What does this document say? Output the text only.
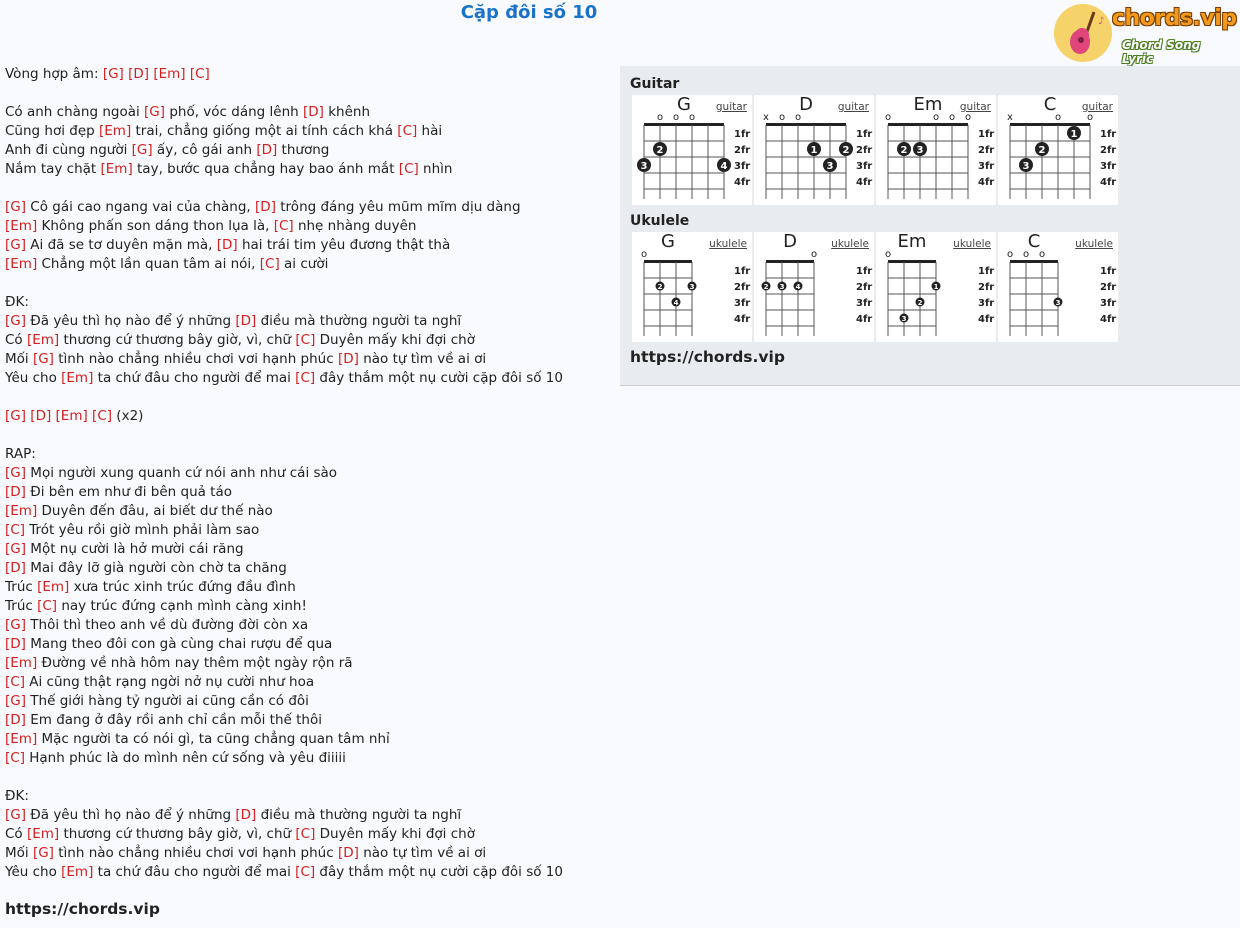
Cặp đôi số 10	♪ chords.vip
Chord Song Lyric
Vòng hợp âm: [G] [D] [Em] [C]
Có anh chàng ngoài [G] phố, vóc dáng lênh [D] khênh
Cũng hơi đẹp [Em] trai, chẳng giống một ai tính cách khá [C] hài
Anh đi cùng người [G] ấy, cô gái anh [D] thương
Nắm tay chặt [Em] tay, bước qua chẳng hay bao ánh mắt [C] nhìn
[G] Cô gái cao ngang vai của chàng, [D] trông đáng yêu mũm mĩm dịu dàng
[Em] Không phấn son dáng thon lụa là, [C] nhẹ nhàng duyên
[G] Ai đã se tơ duyên mặn mà, [D] hai trái tim yêu đương thật thà
[Em] Chẳng một lần quan tâm ai nói, [C] ai cười
ĐK:
[G] Đã yêu thì họ nào để ý những [D] điều mà thường người ta nghĩ
Có [Em] thương cứ thương bây giờ, vì, chữ [C] Duyên mấy khi đợi chờ
Mối [G] tình nào chẳng nhiều chơi vơi hạnh phúc [D] nào tự tìm về ai ơi
Yêu cho [Em] ta chứ đâu cho người để mai [C] đây thắm một nụ cười cặp đôi số 10
[G] [D] [Em] [C] (x2)
RAP:
[G] Mọi người xung quanh cứ nói anh như cái sào
[D] Đi bên em như đi bên quả táo
[Em] Duyên đến đâu, ai biết dư thế nào
[C] Trót yêu rồi giờ mình phải làm sao
[G] Một nụ cười là hở mười cái răng
[D] Mai đây lỡ già người còn chờ ta chăng
Trúc [Em] xưa trúc xinh trúc đứng đầu đình
Trúc [C] nay trúc đứng cạnh mình càng xinh!
[G] Thôi thì theo anh về dù đường đời còn xa
[D] Mang theo đôi con gà cùng chai rượu để qua
[Em] Đường về nhà hôm nay thêm một ngày rộn rã
[C] Ai cũng thật rạng ngời nở nụ cười như hoa
[G] Thế giới hàng tỷ người ai cũng cần có đôi
[D] Em đang ở đây rồi anh chỉ cần mỗi thế thôi
[Em] Mặc người ta có nói gì, ta cũng chẳng quan tâm nhỉ
[C] Hạnh phúc là do mình nên cứ sống và yêu điiiii
ĐK:
[G] Đã yêu thì họ nào để ý những [D] điều mà thường người ta nghĩ
Có [Em] thương cứ thương bây giờ, vì, chữ [C] Duyên mấy khi đợi chờ
Mối [G] tình nào chẳng nhiều chơi vơi hạnh phúc [D] nào tự tìm về ai ơi
Yêu cho [Em] ta chứ đâu cho người để mai [C] đây thắm một nụ cười cặp đôi số 10
https://chords.vip
Guitar
Ukulele
https://chords.vip
G	guitar
o o o
1fr
2fr
3fr
4fr
3
2
4
D	guitar
x o o
1fr
2fr
3fr
4fr
1
3
2
Em	guitar
o	o o o
1fr
2fr
3fr
4fr
2 3
C	guitar
x	o	o
1fr
2fr
3fr
4fr
3
2
1
G	ukulele
o
1fr
2fr
3fr
4fr
2	3
4
D	ukulele
o
1fr
2fr
3fr
4fr
2 3 4
Em	ukulele
o
1fr
2fr
3fr
4fr
1
2
3
C	ukulele
o o o
1fr
2fr
3fr
4fr
3
